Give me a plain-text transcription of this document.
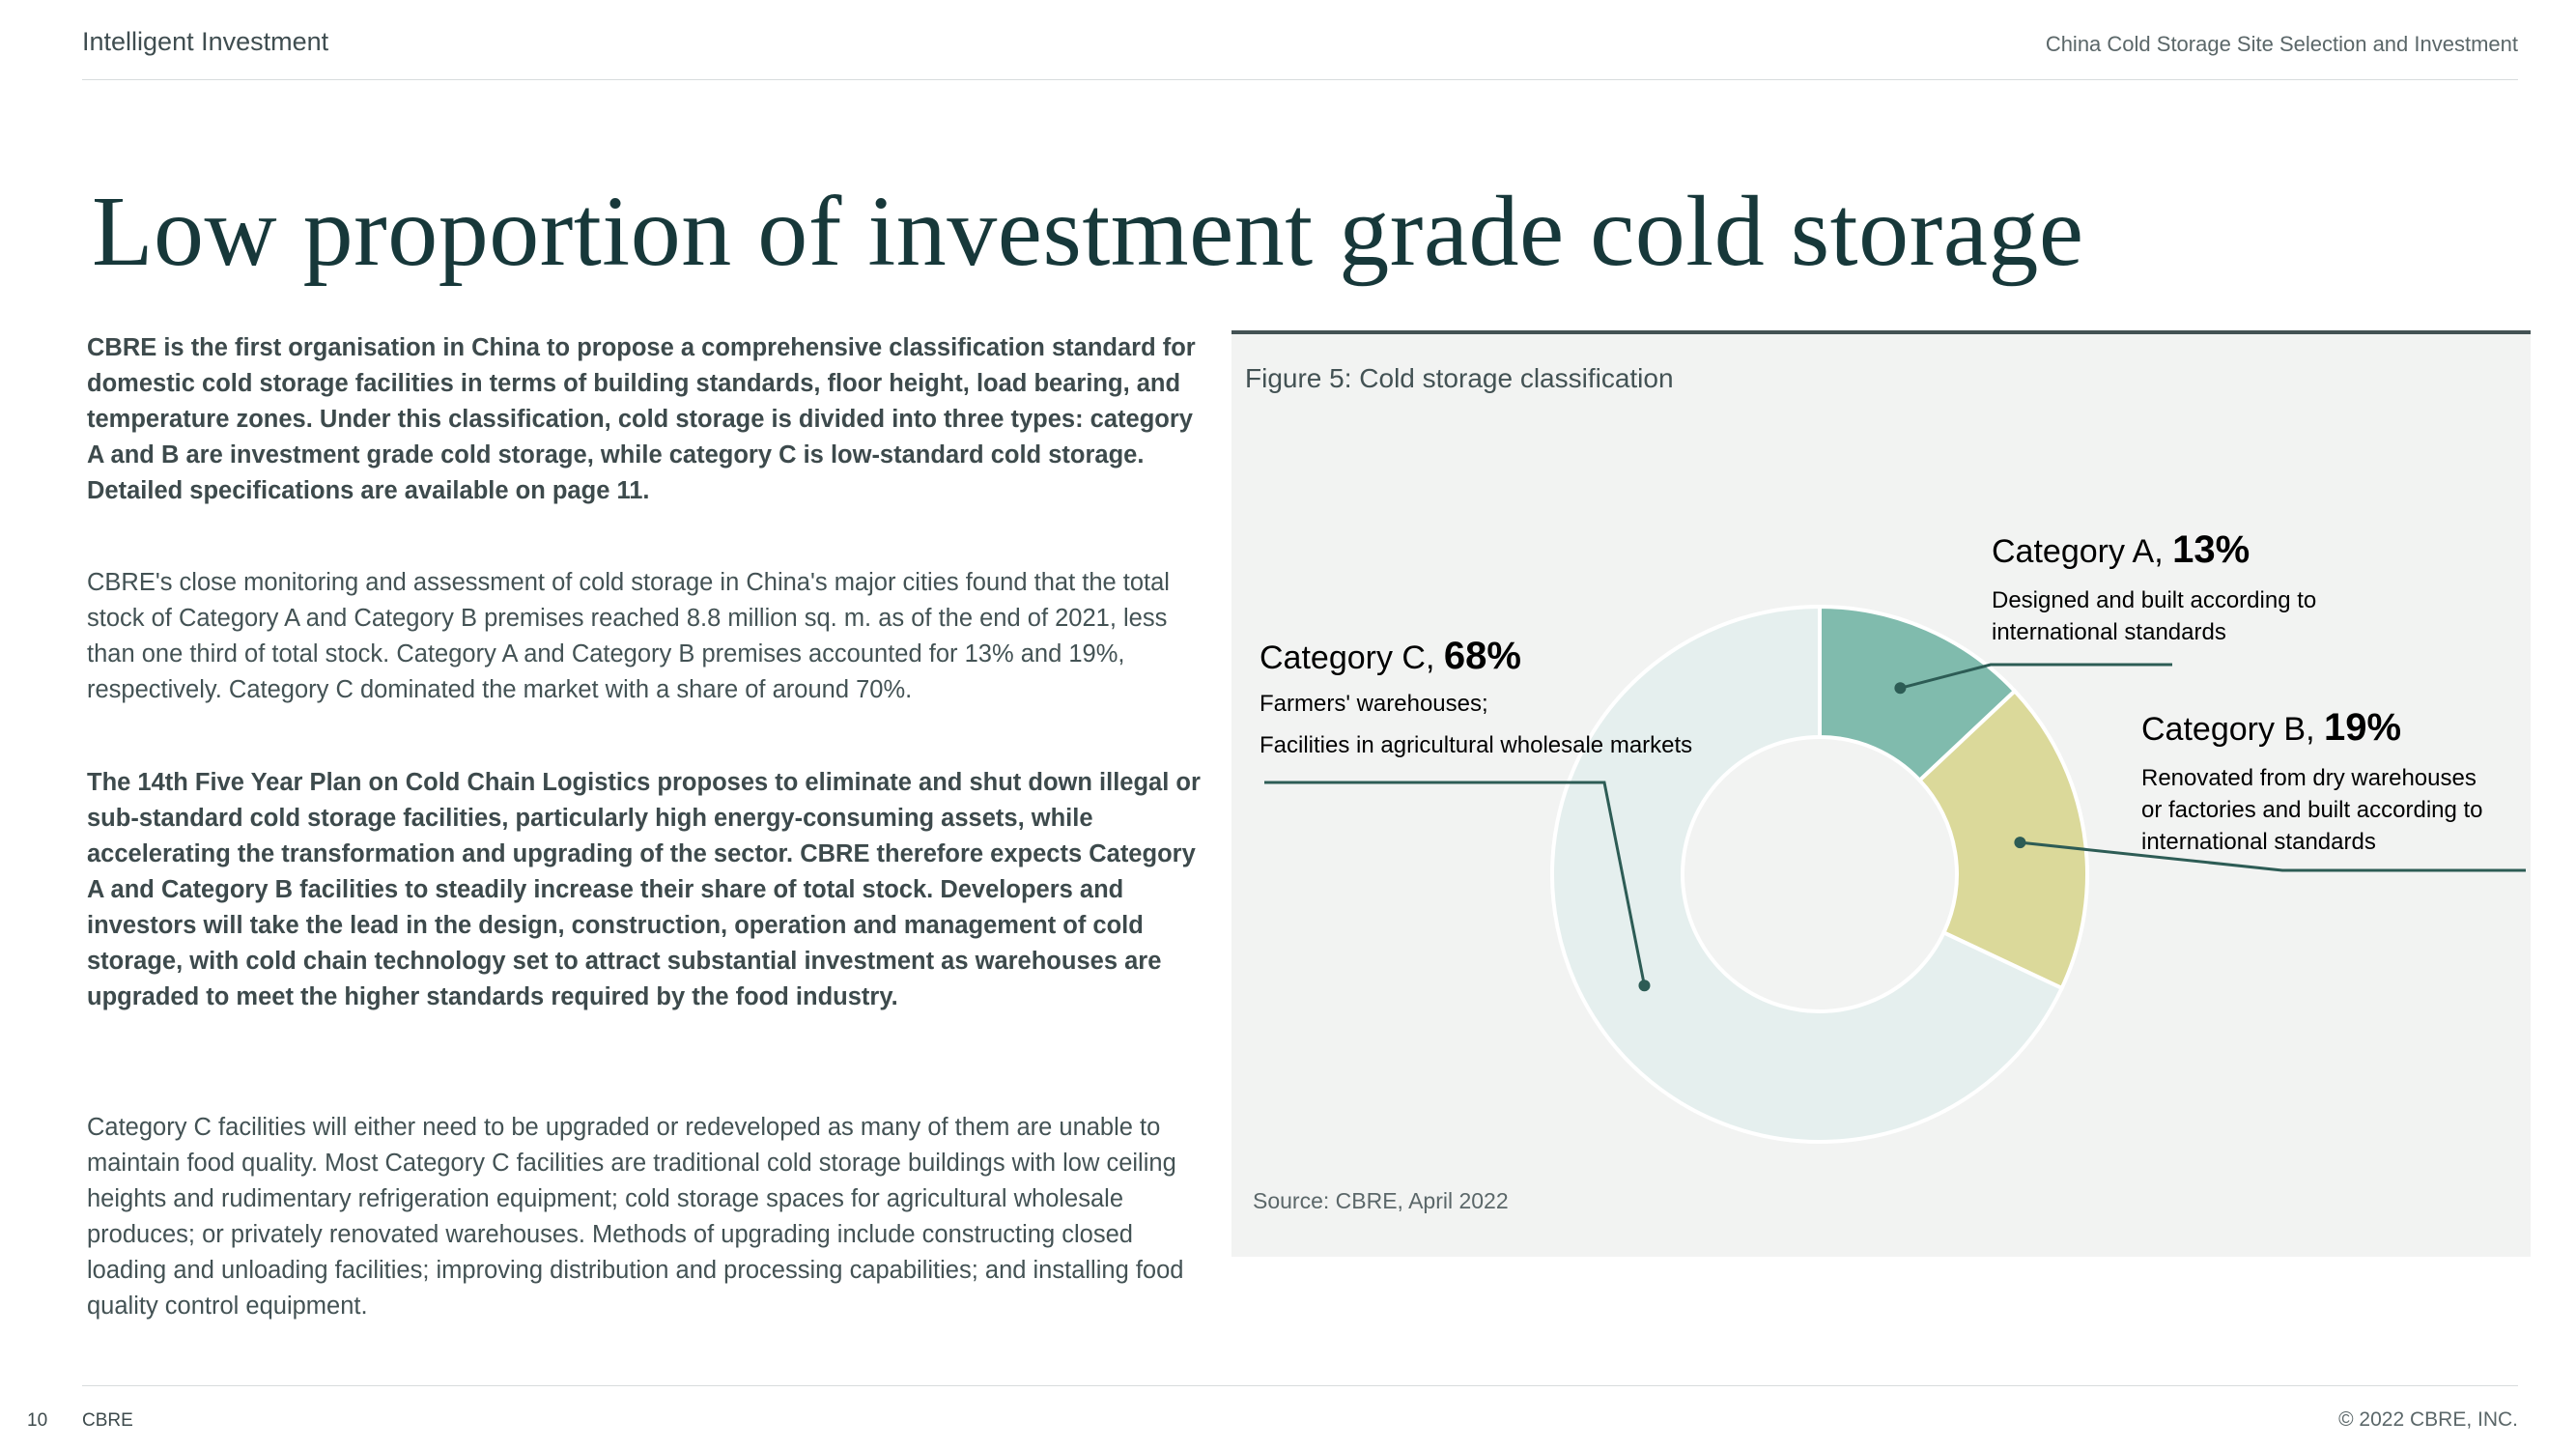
Intelligent Investment	China Cold Storage Site Selection and Investment
Low proportion of investment grade cold storage

CBRE is the first organisation in China to propose a comprehensive classification standard for domestic cold storage facilities in terms of building standards, floor height, load bearing, and temperature zones. Under this classification, cold storage is divided into three types: category A and B are investment grade cold storage, while category C is low-standard cold storage. Detailed specifications are available on page 11.

CBRE's close monitoring and assessment of cold storage in China's major cities found that the total stock of Category A and Category B premises reached 8.8 million sq. m. as of the end of 2021, less than one third of total stock. Category A and Category B premises accounted for 13% and 19%, respectively. Category C dominated the market with a share of around 70%.

The 14th Five Year Plan on Cold Chain Logistics proposes to eliminate and shut down illegal or sub-standard cold storage facilities, particularly high energy-consuming assets, while accelerating the transformation and upgrading of the sector. CBRE therefore expects Category A and Category B facilities to steadily increase their share of total stock. Developers and investors will take the lead in the design, construction, operation and management of cold storage, with cold chain technology set to attract substantial investment as warehouses are upgraded to meet the higher standards required by the food industry.

Category C facilities will either need to be upgraded or redeveloped as many of them are unable to maintain food quality. Most Category C facilities are traditional cold storage buildings with low ceiling heights and rudimentary refrigeration equipment; cold storage spaces for agricultural wholesale produces; or privately renovated warehouses. Methods of upgrading include constructing closed loading and unloading facilities; improving distribution and processing capabilities; and installing food quality control equipment.

Figure 5: Cold storage classification
Category A, 13%
Designed and built according to
international standards
Category B, 19%
Renovated from dry warehouses
or factories and built according to
international standards
Category C, 68%
Farmers' warehouses;
Facilities in agricultural wholesale markets
Source: CBRE, April 2022
10 CBRE	© 2022 CBRE, INC.
